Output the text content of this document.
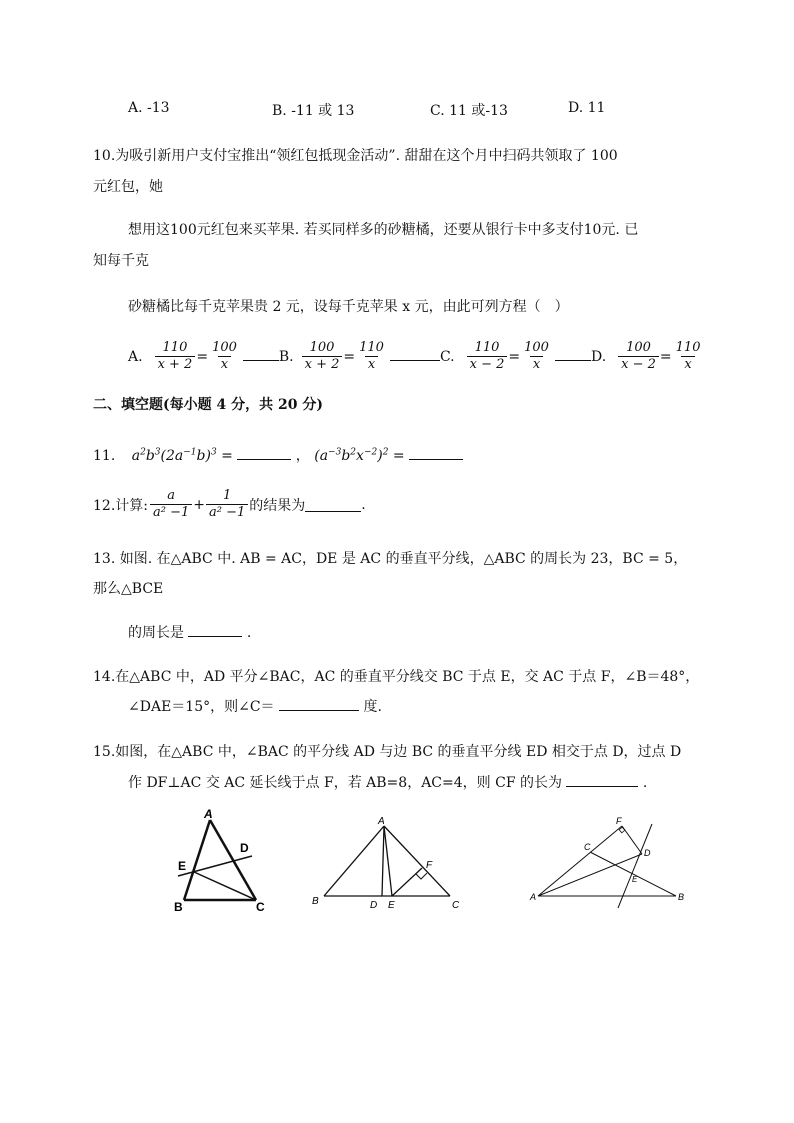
A. -13	B. -11 或 13	C. 11 或-13	D. 11
10.为吸引新用户支付宝推出“领红包抵现金活动”. 甜甜在这个月中扫码共领取了 100
元红包，她
想用这100元红包来买苹果. 若买同样多的砂糖橘，还要从银行卡中多支付10元. 已
知每千克
砂糖橘比每千克苹果贵 2 元，设每千克苹果 x 元，由此可列方程（　）
A. $\frac{110}{x + 2} = \frac{100}{x}$	B. $\frac{100}{x + 2} = \frac{110}{x}$	C. $\frac{110}{x - 2} = \frac{100}{x}$	D. $\frac{100}{x - 2} = \frac{110}{x}$
二、填空题(每小题 4 分，共 20 分)
11. $a^2b^3(2a^{-1}b)^3$ =	， $(a^{-3}b^2x^{-2})^2$ =
12.计算: $\frac{a}{\text{a² −1}} + \frac{1}{\text{a² −1}}$ 的结果为	.
13. 如图. 在△ABC 中. AB = AC，DE 是 AC 的垂直平分线，△ABC 的周长为 23，BC = 5，
那么△BCE
的周长是	.
14.在△ABC 中，AD 平分∠BAC，AC 的垂直平分线交 BC 于点 E，交 AC 于点 F，∠B＝48°，
∠DAE＝15°，则∠C＝	度.
15.如图，在△ABC 中，∠BAC 的平分线 AD 与边 BC 的垂直平分线 ED 相交于点 D，过点 D
作 DF⊥AC 交 AC 延长线于点 F，若 AB=8，AC=4，则 CF 的长为	.
A
B	C
D
E
A
B	C
D E
F
A	B
C
D
E
F
